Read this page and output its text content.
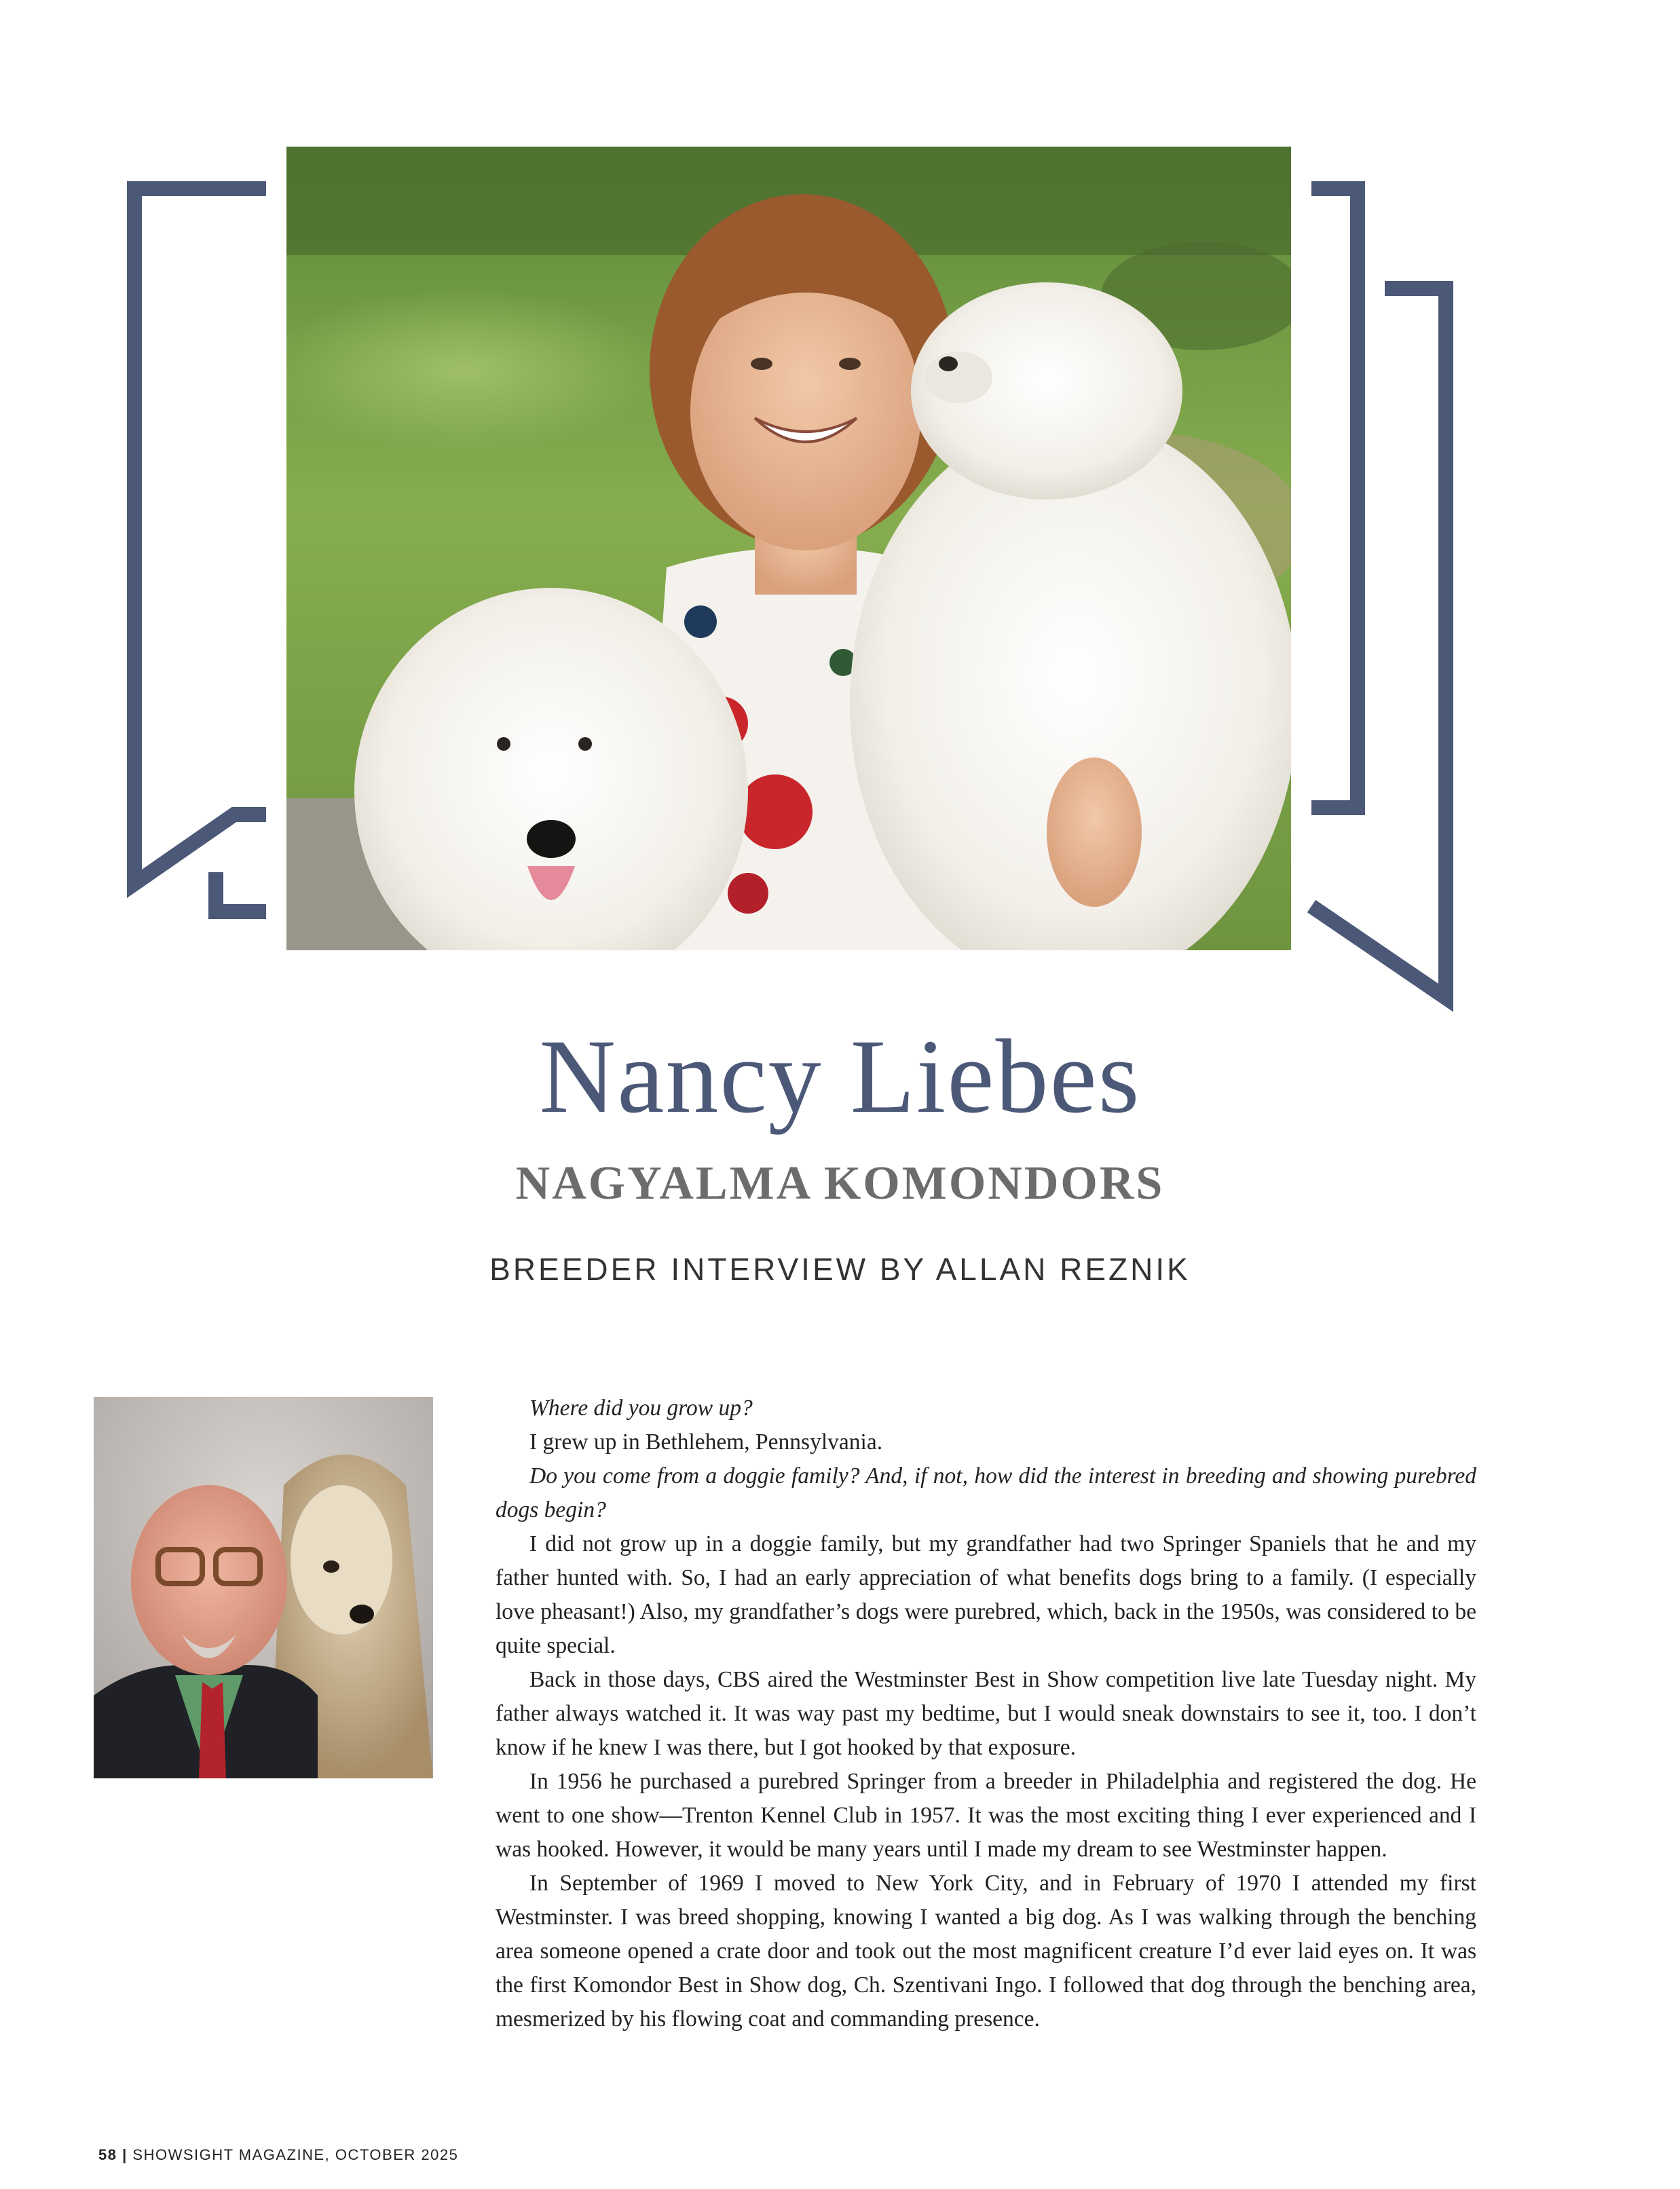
Nancy Liebes
NAGYALMA KOMONDORS
BREEDER INTERVIEW BY ALLAN REZNIK

Where did you grow up?

I grew up in Bethlehem, Pennsylvania.

Do you come from a doggie family? And, if not, how did the interest in breeding and showing purebred dogs begin?

I did not grow up in a doggie family, but my grandfather had two Springer Spaniels that he and my father hunted with. So, I had an early appreciation of what benefits dogs bring to a family. (I especially love pheasant!) Also, my grandfather’s dogs were purebred, which, back in the 1950s, was considered to be quite special.

Back in those days, CBS aired the Westminster Best in Show competition live late Tuesday night. My father always watched it. It was way past my bedtime, but I would sneak downstairs to see it, too. I don’t know if he knew I was there, but I got hooked by that exposure.

In 1956 he purchased a purebred Springer from a breeder in Philadelphia and registered the dog. He went to one show—Trenton Kennel Club in 1957. It was the most exciting thing I ever experienced and I was hooked. However, it would be many years until I made my dream to see Westminster happen.

In September of 1969 I moved to New York City, and in February of 1970 I attended my first Westminster. I was breed shopping, knowing I wanted a big dog. As I was walking through the benching area someone opened a crate door and took out the most magnificent creature I’d ever laid eyes on. It was the first Komondor Best in Show dog, Ch. Szentivani Ingo. I followed that dog through the benching area, mesmerized by his flowing coat and commanding presence.

58 | SHOWSIGHT MAGAZINE, OCTOBER 2025
